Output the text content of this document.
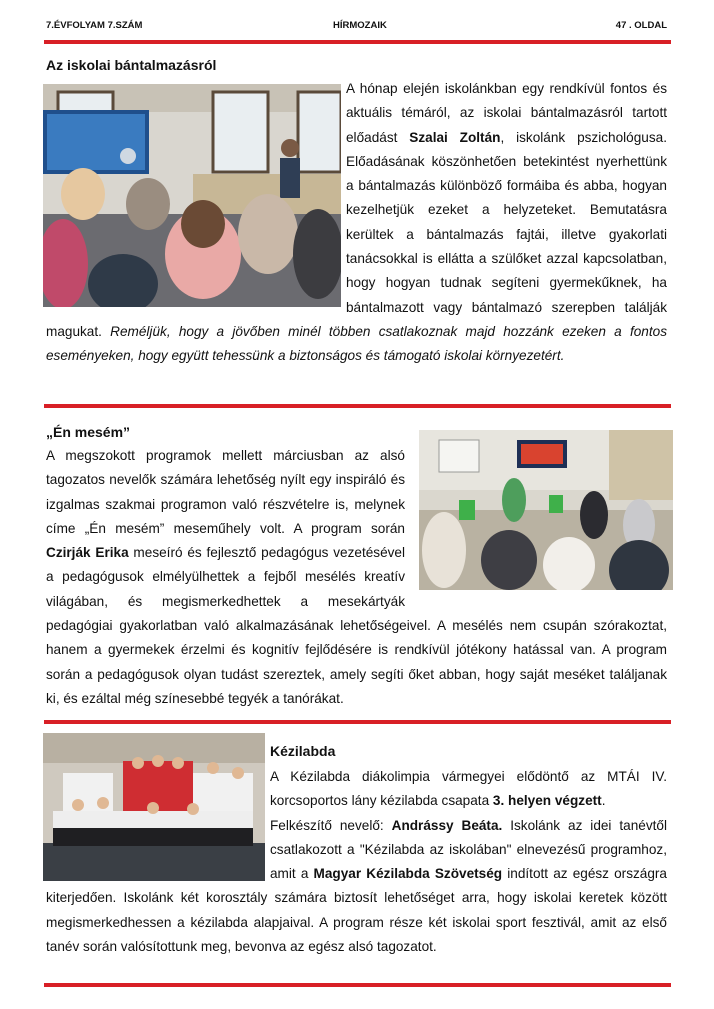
7.ÉVFOLYAM 7.SZÁM	HÍRMOZAIK	47 . OLDAL
Az iskolai bántalmazásról

A hónap elején iskolánkban egy rendkívül fontos és aktuális témáról, az iskolai bántalmazásról tartott előadást Szalai Zoltán, iskolánk pszichológusa. Előadásának köszönhetően betekintést nyerhettünk a bántalmazás különböző formáiba és abba, hogyan kezelhetjük ezeket a helyzeteket. Bemutatásra kerültek a bántalmazás fajtái, illetve gyakorlati tanácsokkal is ellátta a szülőket azzal kapcsolatban, hogy hogyan tudnak segíteni gyermekűknek, ha bántalmazott vagy bántalmazó szerepben találják magukat. Reméljük, hogy a jövőben minél többen csatlakoznak majd hozzánk ezeken a fontos eseményeken, hogy együtt tehessünk a biztonságos és támogató iskolai környezetért.

„Én mesém”

A megszokott programok mellett márciusban az alsó tagozatos nevelők számára lehetőség nyílt egy inspiráló és izgalmas szakmai programon való részvételre is, melynek címe „Én mesém” meseműhely volt. A program során Czirják Erika meseíró és fejlesztő pedagógus vezetésével a pedagógusok elmélyülhettek a fejből mesélés kreatív világában, és megismerkedhettek a mesekártyák pedagógiai gyakorlatban való alkalmazásának lehetőségeivel. A mesélés nem csupán szórakoztat, hanem a gyermekek érzelmi és kognitív fejlődésére is rendkívül jótékony hatással van. A program során a pedagógusok olyan tudást szereztek, amely segíti őket abban, hogy saját meséket találjanak ki, és ezáltal még színesebbé tegyék a tanórákat.

Kézilabda

A Kézilabda diákolimpia vármegyei elődöntő az MTÁI IV. korcsoportos lány kézilabda csapata 3. helyen végzett.
Felkészítő nevelő: Andrássy Beáta. Iskolánk az idei tanévtől csatlakozott a "Kézilabda az iskolában" elnevezésű programhoz, amit a Magyar Kézilabda Szövetség indított az egész országra kiterjedően. Iskolánk két korosztály számára biztosít lehetőséget arra, hogy iskolai keretek között megismerkedhessen a kézilabda alapjaival. A program része két iskolai sport fesztivál, amit az első tanév során valósítottunk meg, bevonva az egész alsó tagozatot.
